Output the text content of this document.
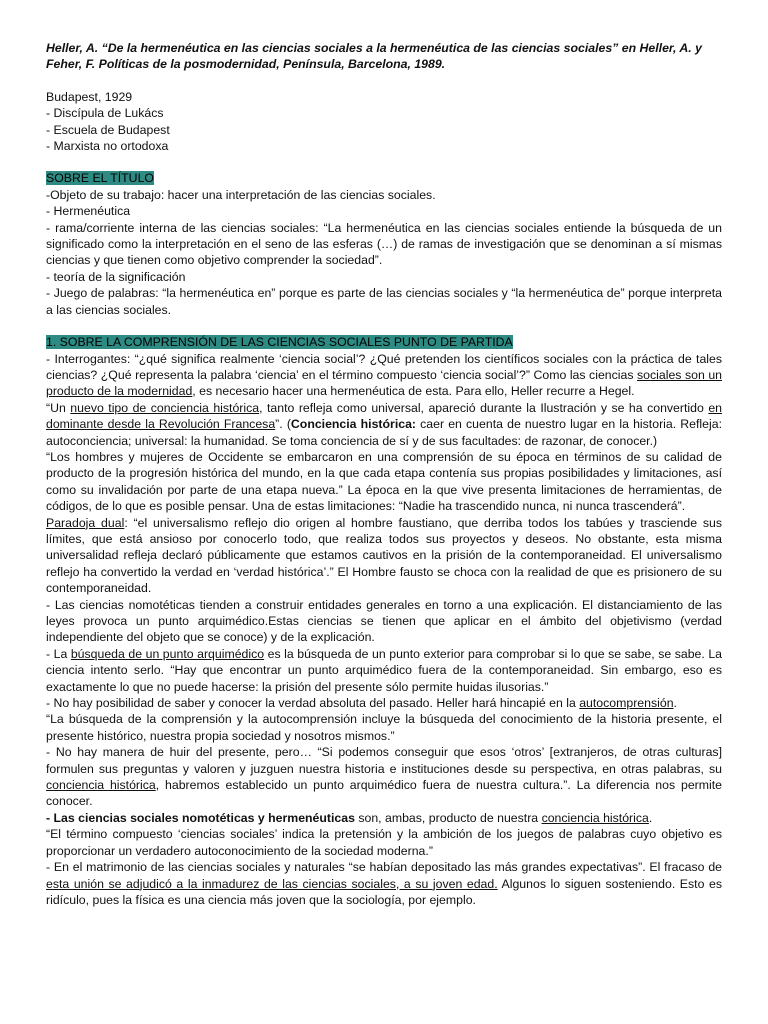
Heller, A. “De la hermenéutica en las ciencias sociales a la hermenéutica de las ciencias sociales” en Heller, A. y Feher, F. Políticas de la posmodernidad, Península, Barcelona, 1989.

Budapest, 1929
- Discípula de Lukács
- Escuela de Budapest
- Marxista no ortodoxa

SOBRE EL TÍTULO

-Objeto de su trabajo: hacer una interpretación de las ciencias sociales.

- Hermenéutica

- rama/corriente interna de las ciencias sociales: “La hermenéutica en las ciencias sociales entiende la búsqueda de un significado como la interpretación en el seno de las esferas (…) de ramas de investigación que se denominan a sí mismas ciencias y que tienen como objetivo comprender la sociedad”.

- teoría de la significación

- Juego de palabras: “la hermenéutica en” porque es parte de las ciencias sociales y “la hermenéutica de” porque interpreta a las ciencias sociales.

1. SOBRE LA COMPRENSIÓN DE LAS CIENCIAS SOCIALES PUNTO DE PARTIDA

- Interrogantes: “¿qué significa realmente ‘ciencia social’? ¿Qué pretenden los científicos sociales con la práctica de tales ciencias? ¿Qué representa la palabra ‘ciencia’ en el término compuesto ‘ciencia social’?” Como las ciencias sociales son un producto de la modernidad, es necesario hacer una hermenéutica de esta. Para ello, Heller recurre a Hegel.

“Un nuevo tipo de conciencia histórica, tanto refleja como universal, apareció durante la Ilustración y se ha convertido en dominante desde la Revolución Francesa”. (Conciencia histórica: caer en cuenta de nuestro lugar en la historia. Refleja: autoconciencia; universal: la humanidad. Se toma conciencia de sí y de sus facultades: de razonar, de conocer.)

“Los hombres y mujeres de Occidente se embarcaron en una comprensión de su época en términos de su calidad de producto de la progresión histórica del mundo, en la que cada etapa contenía sus propias posibilidades y limitaciones, así como su invalidación por parte de una etapa nueva.” La época en la que vive presenta limitaciones de herramientas, de códigos, de lo que es posible pensar. Una de estas limitaciones: “Nadie ha trascendido nunca, ni nunca trascenderá”.

Paradoja dual: “el universalismo reflejo dio origen al hombre faustiano, que derriba todos los tabúes y trasciende sus límites, que está ansioso por conocerlo todo, que realiza todos sus proyectos y deseos. No obstante, esta misma universalidad refleja declaró públicamente que estamos cautivos en la prisión de la contemporaneidad. El universalismo reflejo ha convertido la verdad en ‘verdad histórica’.” El Hombre fausto se choca con la realidad de que es prisionero de su contemporaneidad.

- Las ciencias nomotéticas tienden a construir entidades generales en torno a una explicación. El distanciamiento de las leyes provoca un punto arquimédico.Estas ciencias se tienen que aplicar en el ámbito del objetivismo (verdad independiente del objeto que se conoce) y de la explicación.

- La búsqueda de un punto arquimédico es la búsqueda de un punto exterior para comprobar si lo que se sabe, se sabe. La ciencia intento serlo. “Hay que encontrar un punto arquimédico fuera de la contemporaneidad. Sin embargo, eso es exactamente lo que no puede hacerse: la prisión del presente sólo permite huidas ilusorias.”

- No hay posibilidad de saber y conocer la verdad absoluta del pasado. Heller hará hincapié en la autocomprensión.

“La búsqueda de la comprensión y la autocomprensión incluye la búsqueda del conocimiento de la historia presente, el presente histórico, nuestra propia sociedad y nosotros mismos.”

- No hay manera de huir del presente, pero… “Si podemos conseguir que esos ‘otros’ [extranjeros, de otras culturas] formulen sus preguntas y valoren y juzguen nuestra historia e instituciones desde su perspectiva, en otras palabras, su conciencia histórica, habremos establecido un punto arquimédico fuera de nuestra cultura.”. La diferencia nos permite conocer.

- Las ciencias sociales nomotéticas y hermenéuticas son, ambas, producto de nuestra conciencia histórica.

“El término compuesto ‘ciencias sociales’ indica la pretensión y la ambición de los juegos de palabras cuyo objetivo es proporcionar un verdadero autoconocimiento de la sociedad moderna.”

- En el matrimonio de las ciencias sociales y naturales “se habían depositado las más grandes expectativas”. El fracaso de esta unión se adjudicó a la inmadurez de las ciencias sociales, a su joven edad. Algunos lo siguen sosteniendo. Esto es ridículo, pues la física es una ciencia más joven que la sociología, por ejemplo.
